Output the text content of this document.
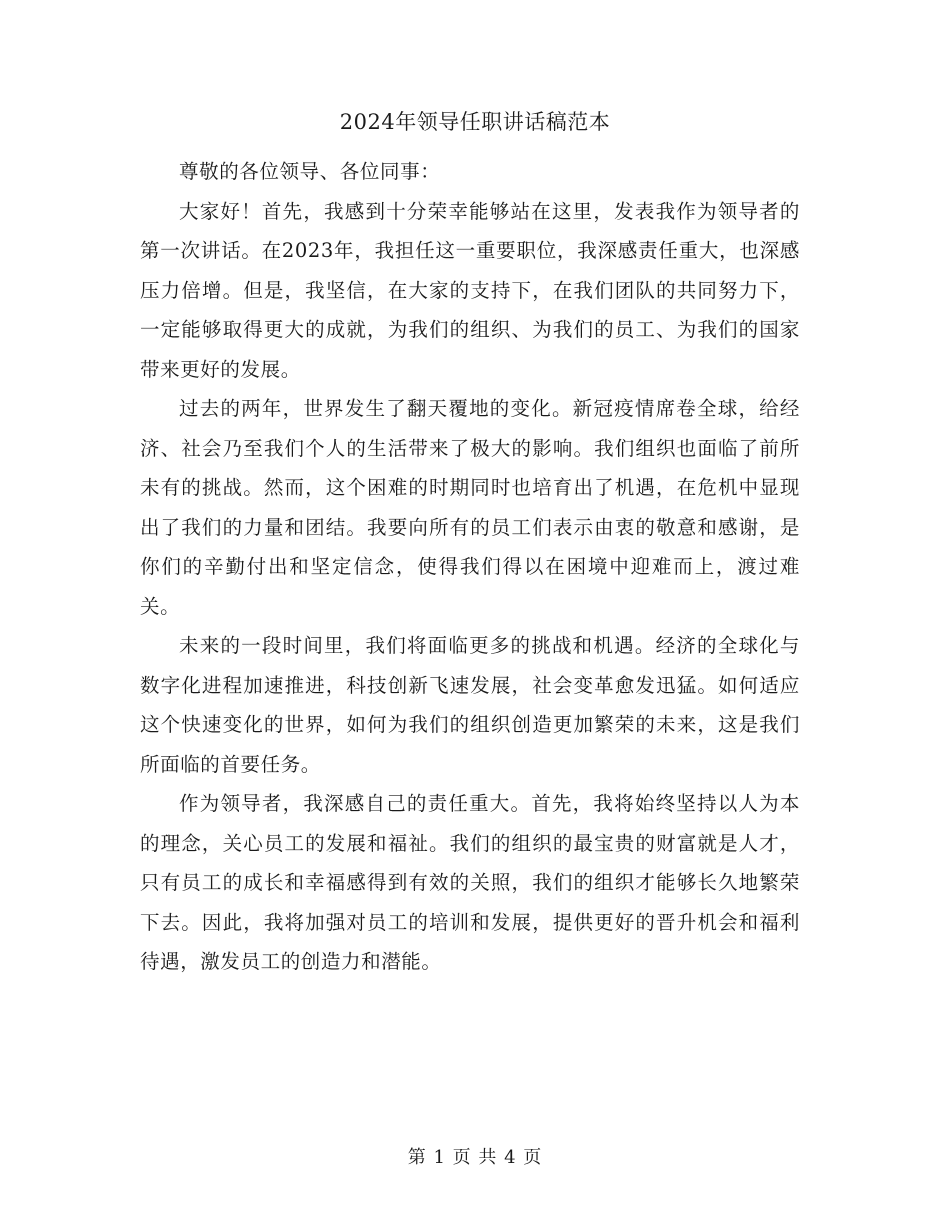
2024年领导任职讲话稿范本

尊敬的各位领导、各位同事：

大家好！首先，我感到十分荣幸能够站在这里，发表我作为领导者的第一次讲话。在2023年，我担任这一重要职位，我深感责任重大，也深感压力倍增。但是，我坚信，在大家的支持下，在我们团队的共同努力下，一定能够取得更大的成就，为我们的组织、为我们的员工、为我们的国家带来更好的发展。

过去的两年，世界发生了翻天覆地的变化。新冠疫情席卷全球，给经济、社会乃至我们个人的生活带来了极大的影响。我们组织也面临了前所未有的挑战。然而，这个困难的时期同时也培育出了机遇，在危机中显现出了我们的力量和团结。我要向所有的员工们表示由衷的敬意和感谢，是你们的辛勤付出和坚定信念，使得我们得以在困境中迎难而上，渡过难关。

未来的一段时间里，我们将面临更多的挑战和机遇。经济的全球化与数字化进程加速推进，科技创新飞速发展，社会变革愈发迅猛。如何适应这个快速变化的世界，如何为我们的组织创造更加繁荣的未来，这是我们所面临的首要任务。

作为领导者，我深感自己的责任重大。首先，我将始终坚持以人为本的理念，关心员工的发展和福祉。我们的组织的最宝贵的财富就是人才，只有员工的成长和幸福感得到有效的关照，我们的组织才能够长久地繁荣下去。因此，我将加强对员工的培训和发展，提供更好的晋升机会和福利待遇，激发员工的创造力和潜能。

第 1 页 共 4 页
